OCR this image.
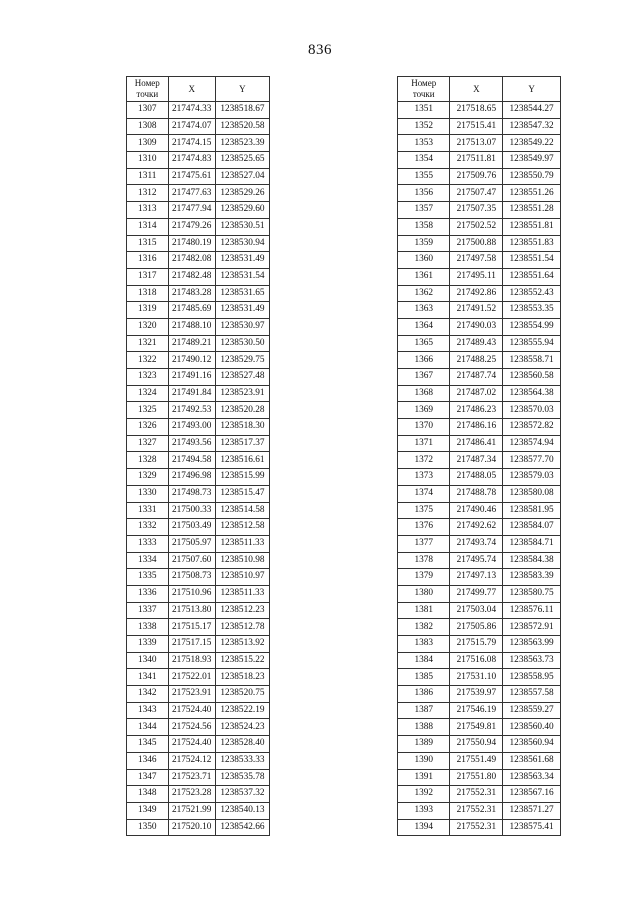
836
Номер
точки	X	Y
1307	217474.33	1238518.67
1308	217474.07	1238520.58
1309	217474.15	1238523.39
1310	217474.83	1238525.65
1311	217475.61	1238527.04
1312	217477.63	1238529.26
1313	217477.94	1238529.60
1314	217479.26	1238530.51
1315	217480.19	1238530.94
1316	217482.08	1238531.49
1317	217482.48	1238531.54
1318	217483.28	1238531.65
1319	217485.69	1238531.49
1320	217488.10	1238530.97
1321	217489.21	1238530.50
1322	217490.12	1238529.75
1323	217491.16	1238527.48
1324	217491.84	1238523.91
1325	217492.53	1238520.28
1326	217493.00	1238518.30
1327	217493.56	1238517.37
1328	217494.58	1238516.61
1329	217496.98	1238515.99
1330	217498.73	1238515.47
1331	217500.33	1238514.58
1332	217503.49	1238512.58
1333	217505.97	1238511.33
1334	217507.60	1238510.98
1335	217508.73	1238510.97
1336	217510.96	1238511.33
1337	217513.80	1238512.23
1338	217515.17	1238512.78
1339	217517.15	1238513.92
1340	217518.93	1238515.22
1341	217522.01	1238518.23
1342	217523.91	1238520.75
1343	217524.40	1238522.19
1344	217524.56	1238524.23
1345	217524.40	1238528.40
1346	217524.12	1238533.33
1347	217523.71	1238535.78
1348	217523.28	1238537.32
1349	217521.99	1238540.13
1350	217520.10	1238542.66
Номер
точки	X	Y
1351	217518.65	1238544.27
1352	217515.41	1238547.32
1353	217513.07	1238549.22
1354	217511.81	1238549.97
1355	217509.76	1238550.79
1356	217507.47	1238551.26
1357	217507.35	1238551.28
1358	217502.52	1238551.81
1359	217500.88	1238551.83
1360	217497.58	1238551.54
1361	217495.11	1238551.64
1362	217492.86	1238552.43
1363	217491.52	1238553.35
1364	217490.03	1238554.99
1365	217489.43	1238555.94
1366	217488.25	1238558.71
1367	217487.74	1238560.58
1368	217487.02	1238564.38
1369	217486.23	1238570.03
1370	217486.16	1238572.82
1371	217486.41	1238574.94
1372	217487.34	1238577.70
1373	217488.05	1238579.03
1374	217488.78	1238580.08
1375	217490.46	1238581.95
1376	217492.62	1238584.07
1377	217493.74	1238584.71
1378	217495.74	1238584.38
1379	217497.13	1238583.39
1380	217499.77	1238580.75
1381	217503.04	1238576.11
1382	217505.86	1238572.91
1383	217515.79	1238563.99
1384	217516.08	1238563.73
1385	217531.10	1238558.95
1386	217539.97	1238557.58
1387	217546.19	1238559.27
1388	217549.81	1238560.40
1389	217550.94	1238560.94
1390	217551.49	1238561.68
1391	217551.80	1238563.34
1392	217552.31	1238567.16
1393	217552.31	1238571.27
1394	217552.31	1238575.41
